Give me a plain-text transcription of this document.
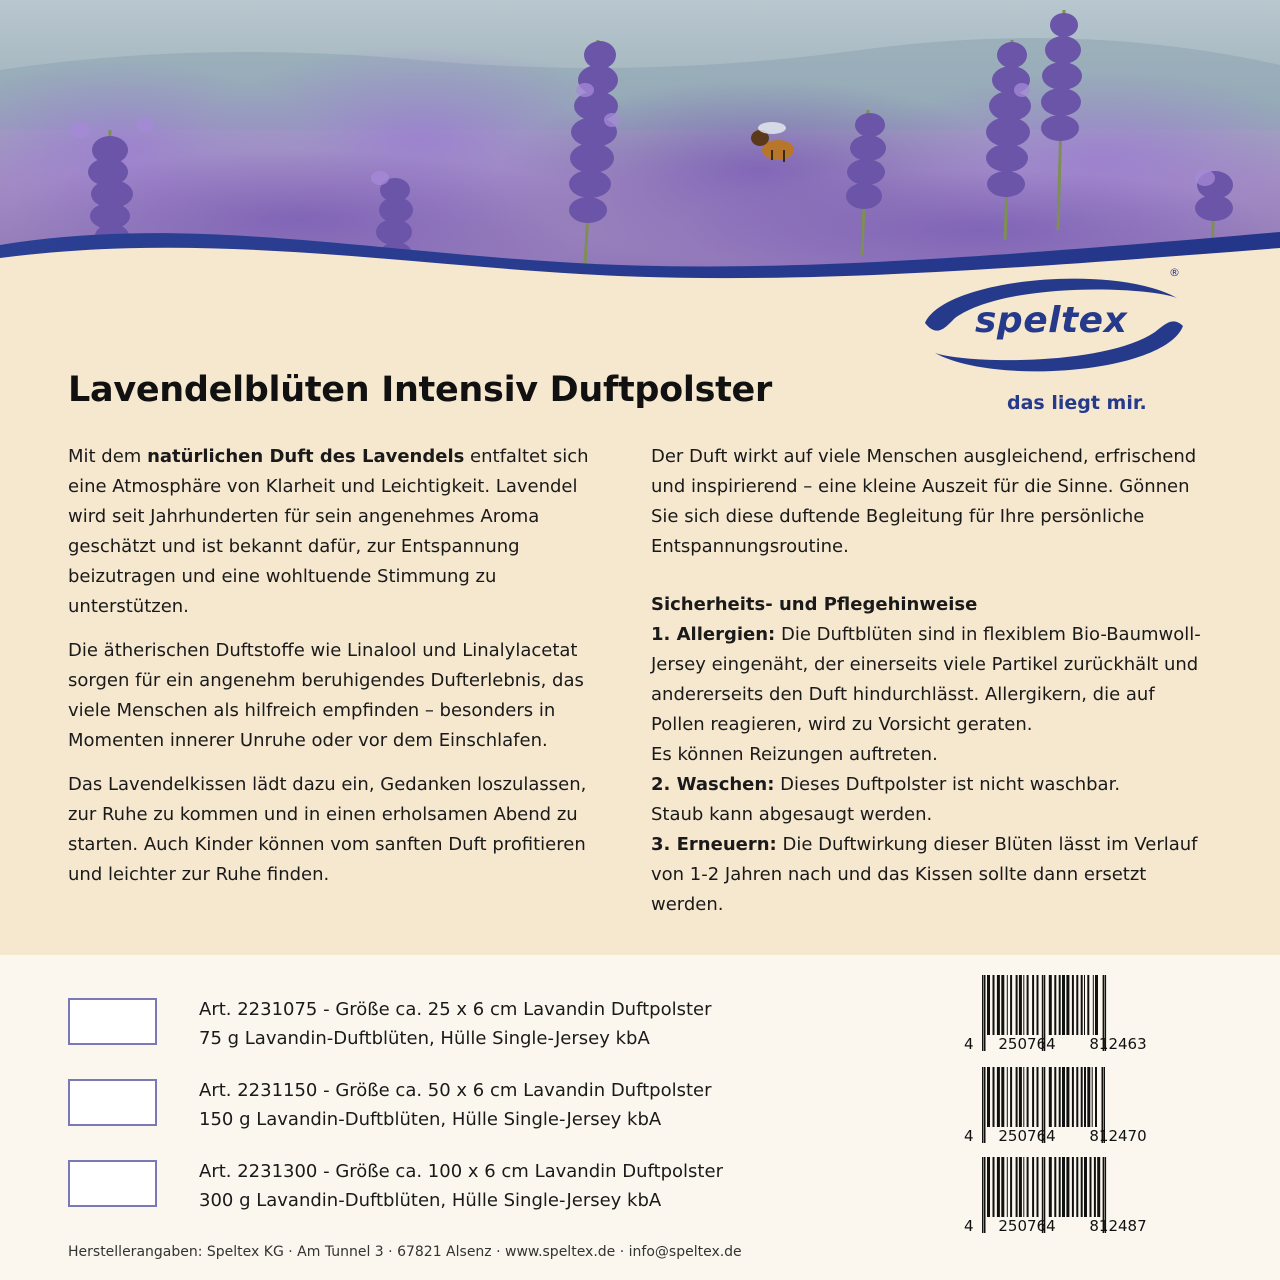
®
speltex
das liegt mir.
Lavendelblüten Intensiv Duftpolster

Mit dem natürlichen Duft des Lavendels entfaltet sich eine Atmosphäre von Klarheit und Leichtigkeit. Lavendel wird seit Jahrhunderten für sein angenehmes Aroma geschätzt und ist bekannt dafür, zur Entspannung beizutragen und eine wohltuende Stimmung zu unterstützen.

Die ätherischen Duftstoffe wie Linalool und Linalylacetat sorgen für ein angenehm beruhigendes Dufterlebnis, das viele Menschen als hilfreich empfinden – besonders in Momenten innerer Unruhe oder vor dem Einschlafen.

Das Lavendelkissen lädt dazu ein, Gedanken loszulassen, zur Ruhe zu kommen und in einen erholsamen Abend zu starten. Auch Kinder können vom sanften Duft profitieren und leichter zur Ruhe finden.

Der Duft wirkt auf viele Menschen ausgleichend, erfrischend und inspirierend – eine kleine Auszeit für die Sinne. Gönnen Sie sich diese duftende Begleitung für Ihre persönliche Entspannungsroutine.

Sicherheits- und Pflegehinweise
1. Allergien: Die Duftblüten sind in flexiblem Bio-Baumwoll-Jersey eingenäht, der einerseits viele Partikel zurückhält und andererseits den Duft hindurchlässt. Allergikern, die auf Pollen reagieren, wird zu Vorsicht geraten.
Es können Reizungen auftreten.
2. Waschen: Dieses Duftpolster ist nicht waschbar.
Staub kann abgesaugt werden.
3. Erneuern: Die Duftwirkung dieser Blüten lässt im Verlauf von 1-2 Jahren nach und das Kissen sollte dann ersetzt werden.
Art. 2231075 - Größe ca. 25 x 6 cm Lavandin Duftpolster
75 g Lavandin-Duftblüten, Hülle Single-Jersey kbA
Art. 2231150 - Größe ca. 50 x 6 cm Lavandin Duftpolster
150 g Lavandin-Duftblüten, Hülle Single-Jersey kbA
Art. 2231300 - Größe ca. 100 x 6 cm Lavandin Duftpolster
300 g Lavandin-Duftblüten, Hülle Single-Jersey kbA
4	250764	812463
4	250764	812470
4	250764	812487
Herstellerangaben: Speltex KG · Am Tunnel 3 · 67821 Alsenz · www.speltex.de · info@speltex.de
